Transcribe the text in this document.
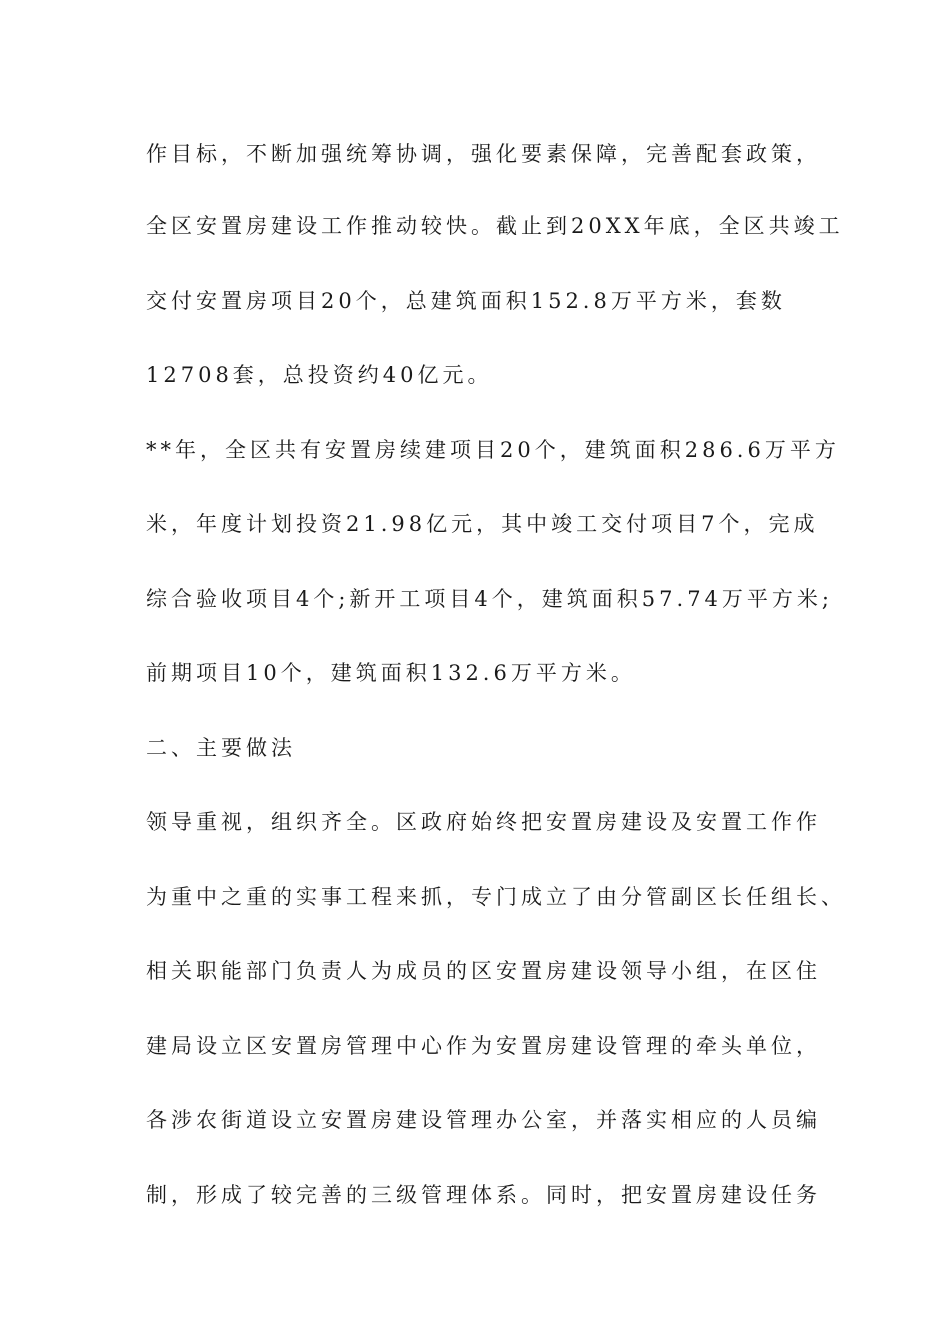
作目标，不断加强统筹协调，强化要素保障，完善配套政策，
全区安置房建设工作推动较快。截止到20XX年底，全区共竣工
交付安置房项目20个，总建筑面积152.8万平方米，套数
12708套，总投资约40亿元。
**年，全区共有安置房续建项目20个，建筑面积286.6万平方
米，年度计划投资21.98亿元，其中竣工交付项目7个，完成
综合验收项目4个;新开工项目4个，建筑面积57.74万平方米;
前期项目10个，建筑面积132.6万平方米。
二、主要做法
领导重视，组织齐全。区政府始终把安置房建设及安置工作作
为重中之重的实事工程来抓，专门成立了由分管副区长任组长、
相关职能部门负责人为成员的区安置房建设领导小组，在区住
建局设立区安置房管理中心作为安置房建设管理的牵头单位，
各涉农街道设立安置房建设管理办公室，并落实相应的人员编
制，形成了较完善的三级管理体系。同时，把安置房建设任务
